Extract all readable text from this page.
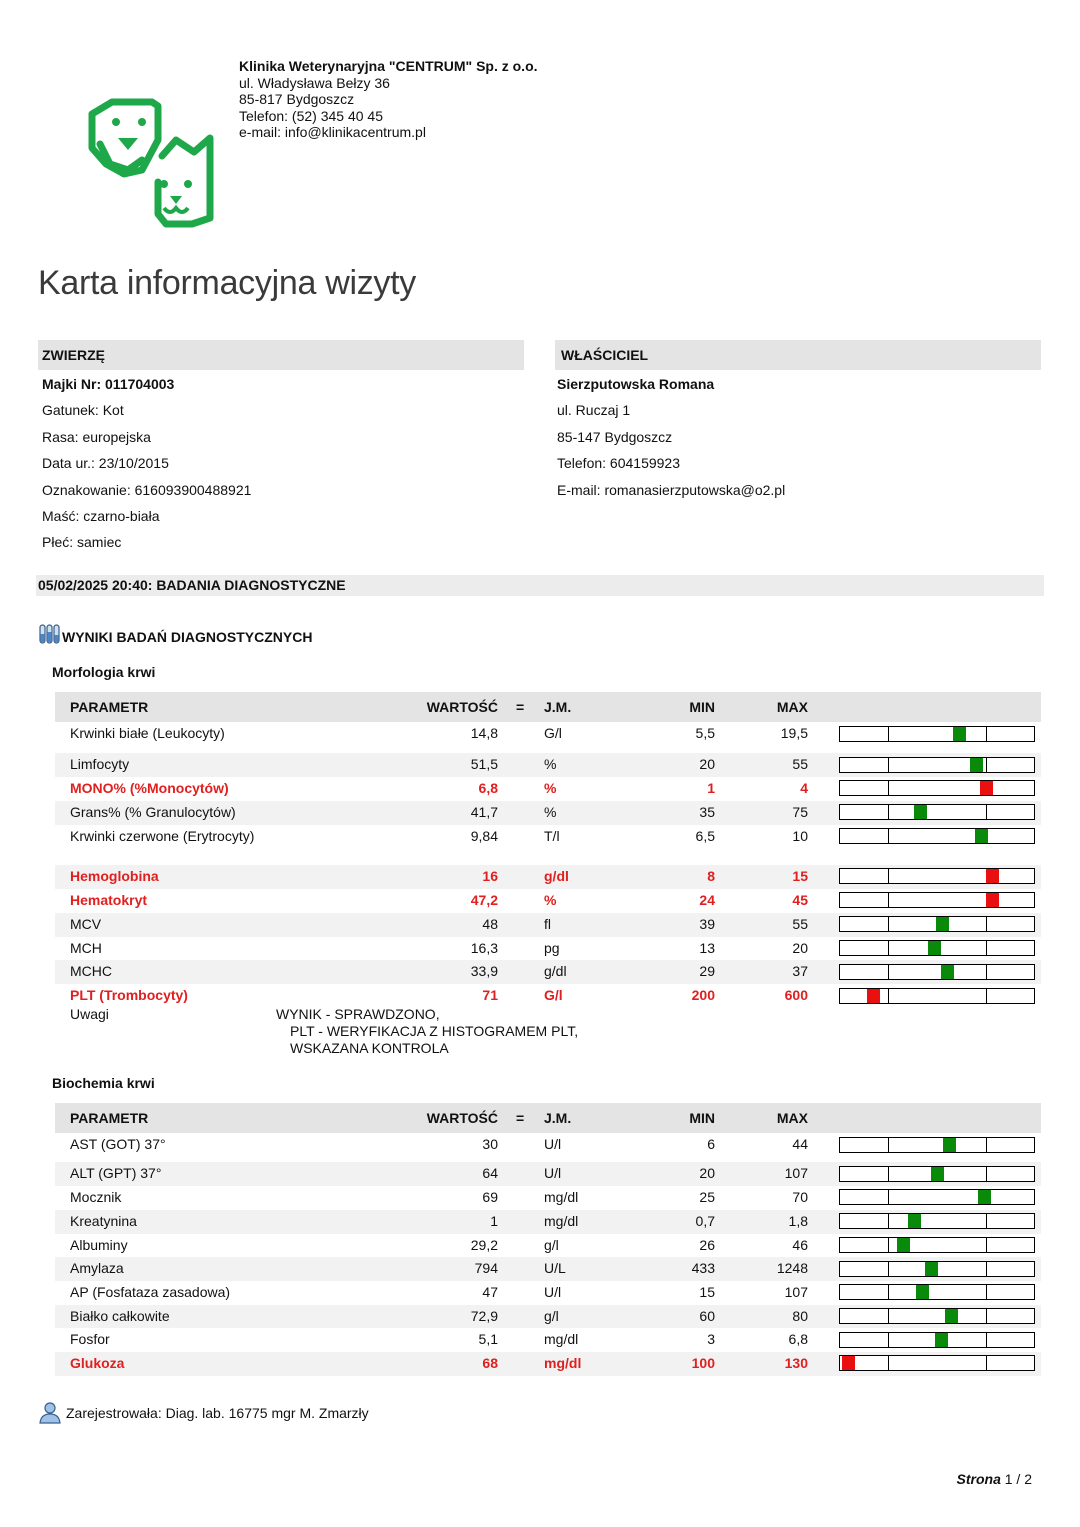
Klinika Weterynaryjna "CENTRUM" Sp. z o.o.
ul. Władysława Bełzy 36
85-817 Bydgoszcz
Telefon: (52) 345 40 45
e-mail: info@klinikacentrum.pl
Karta informacyjna wizyty
ZWIERZĘ	WŁAŚCICIEL
Majki Nr: 011704003
Gatunek: Kot
Rasa: europejska
Data ur.: 23/10/2015
Oznakowanie: 616093900488921
Maść: czarno-biała
Płeć: samiec
Sierzputowska Romana
ul. Ruczaj 1
85-147 Bydgoszcz
Telefon: 604159923
E-mail: romanasierzputowska@o2.pl
05/02/2025 20:40: BADANIA DIAGNOSTYCZNE
WYNIKI BADAŃ DIAGNOSTYCZNYCH
Morfologia krwi
PARAMETR	WARTOŚĆ = J.M.	MIN	MAX
Krwinki białe (Leukocyty)	14,8	G/l	5,5	19,5
Limfocyty	51,5	%	20	55
MONO% (%Monocytów)	6,8	%	1	4
Grans% (% Granulocytów)	41,7	%	35	75
Krwinki czerwone (Erytrocyty)	9,84	T/l	6,5	10
Hemoglobina	16	g/dl	8	15
Hematokryt	47,2	%	24	45
MCV	48	fl	39	55
MCH	16,3	pg	13	20
MCHC	33,9	g/dl	29	37
PLT (Trombocyty)	71	G/l	200	600
Uwagi	WYNIK - SPRAWDZONO,
PLT - WERYFIKACJA Z HISTOGRAMEM PLT,
WSKAZANA KONTROLA
Biochemia krwi
PARAMETR	WARTOŚĆ = J.M.	MIN	MAX
AST (GOT) 37°	30	U/l	6	44
ALT (GPT) 37°	64	U/l	20	107
Mocznik	69	mg/dl	25	70
Kreatynina	1	mg/dl	0,7	1,8
Albuminy	29,2	g/l	26	46
Amylaza	794	U/L	433	1248
AP (Fosfataza zasadowa)	47	U/l	15	107
Białko całkowite	72,9	g/l	60	80
Fosfor	5,1	mg/dl	3	6,8
Glukoza	68	mg/dl	100	130
Zarejestrowała: Diag. lab. 16775 mgr M. Zmarzły
Strona 1 / 2
